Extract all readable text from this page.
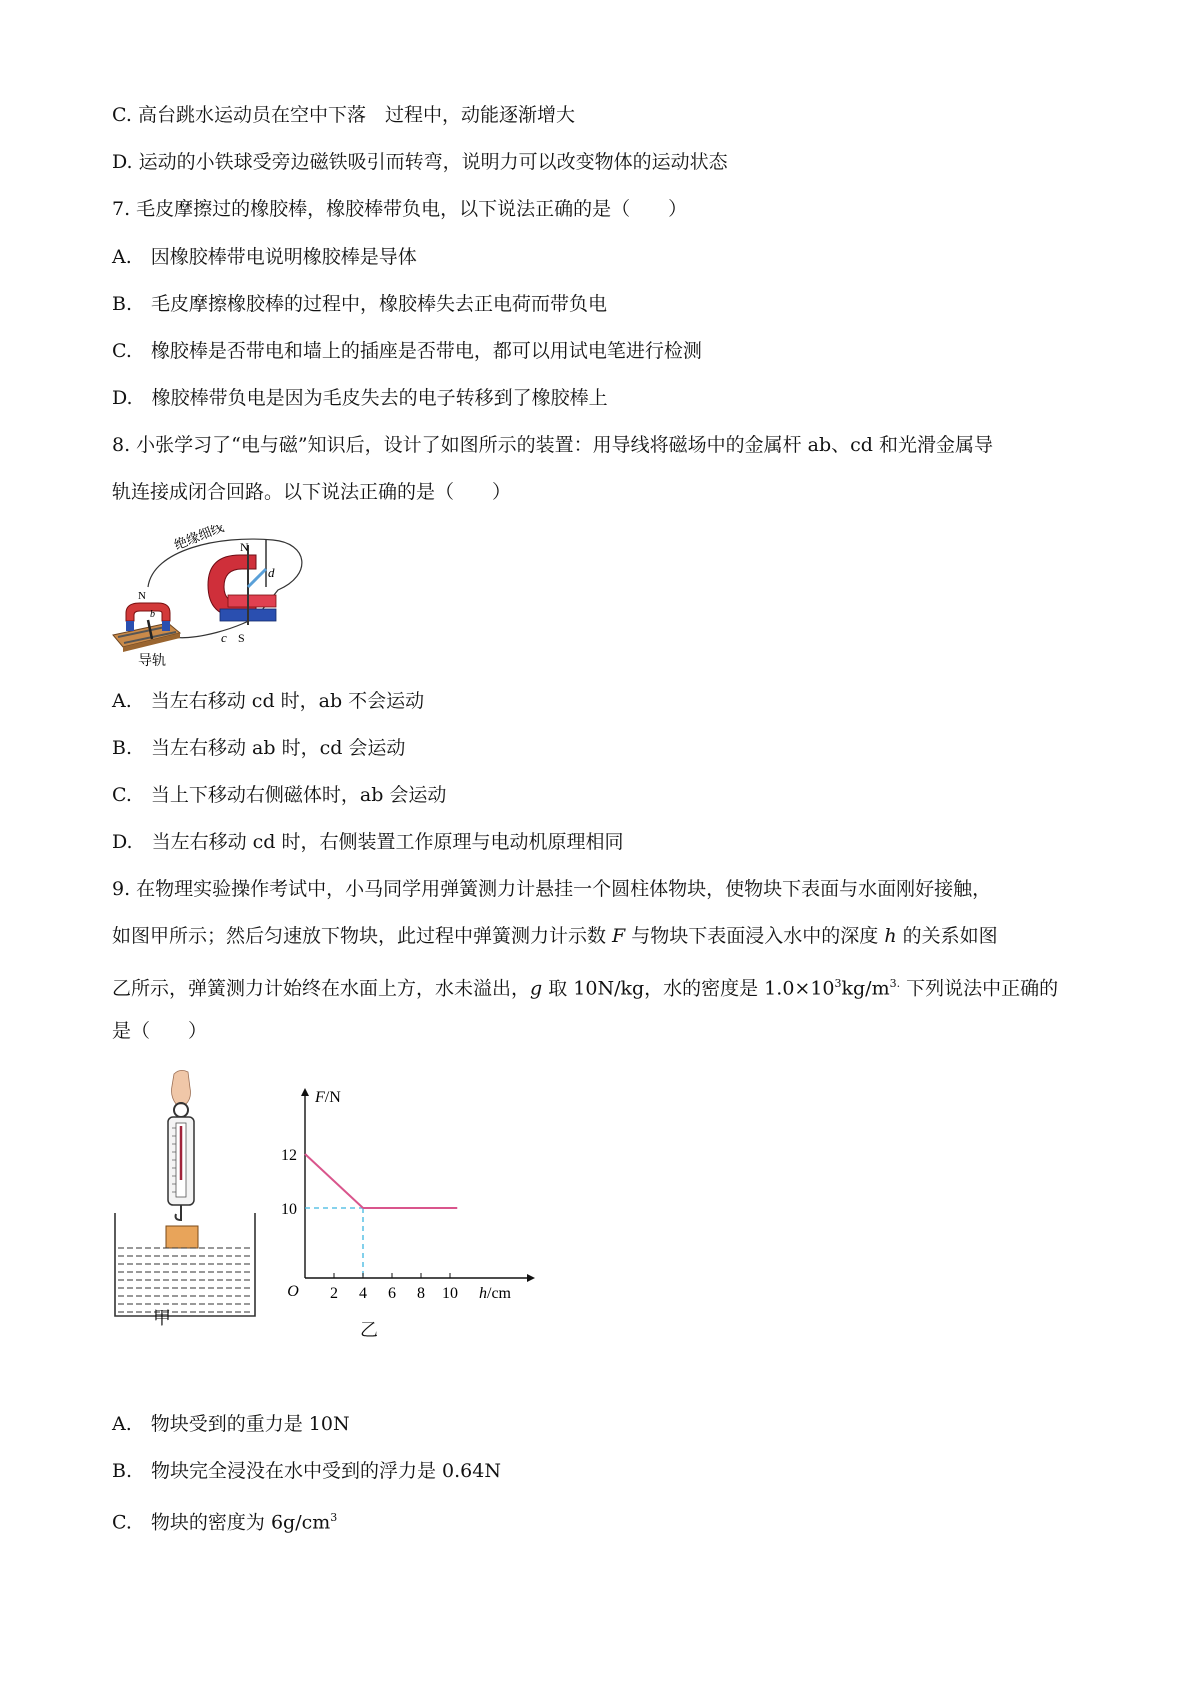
C. 高台跳水运动员在空中下落　过程中，动能逐渐增大
D. 运动的小铁球受旁边磁铁吸引而转弯，说明力可以改变物体的运动状态
7. 毛皮摩擦过的橡胶棒，橡胶棒带负电，以下说法正确的是（　　）
A.　因橡胶棒带电说明橡胶棒是导体
B.　毛皮摩擦橡胶棒的过程中，橡胶棒失去正电荷而带负电
C.　橡胶棒是否带电和墙上的插座是否带电，都可以用试电笔进行检测
D.　橡胶棒带负电是因为毛皮失去的电子转移到了橡胶棒上
8. 小张学习了“电与磁”知识后，设计了如图所示的装置：用导线将磁场中的金属杆 ab、cd 和光滑金属导
轨连接成闭合回路。以下说法正确的是（　　）
N
b
N
S
d
c
绝缘细线
导轨
A.　当左右移动 cd 时，ab 不会运动
B.　当左右移动 ab 时，cd 会运动
C.　当上下移动右侧磁体时，ab 会运动
D.　当左右移动 cd 时，右侧装置工作原理与电动机原理相同
9. 在物理实验操作考试中，小马同学用弹簧测力计悬挂一个圆柱体物块，使物块下表面与水面刚好接触，
如图甲所示；然后匀速放下物块，此过程中弹簧测力计示数 F 与物块下表面浸入水中的深度 h 的关系如图
乙所示，弹簧测力计始终在水面上方，水未溢出，g 取 10N/kg，水的密度是 $1.0\times 10^3kg/m^{3.}$ 下列说法中正确的
是（　　）
甲
2 4 6 8 10
10
12
O
F/N
h/cm
乙
A.　物块受到的重力是 10N
B.　物块完全浸没在水中受到的浮力是 0.64N
C.　物块的密度为 $6g/cm^3$
